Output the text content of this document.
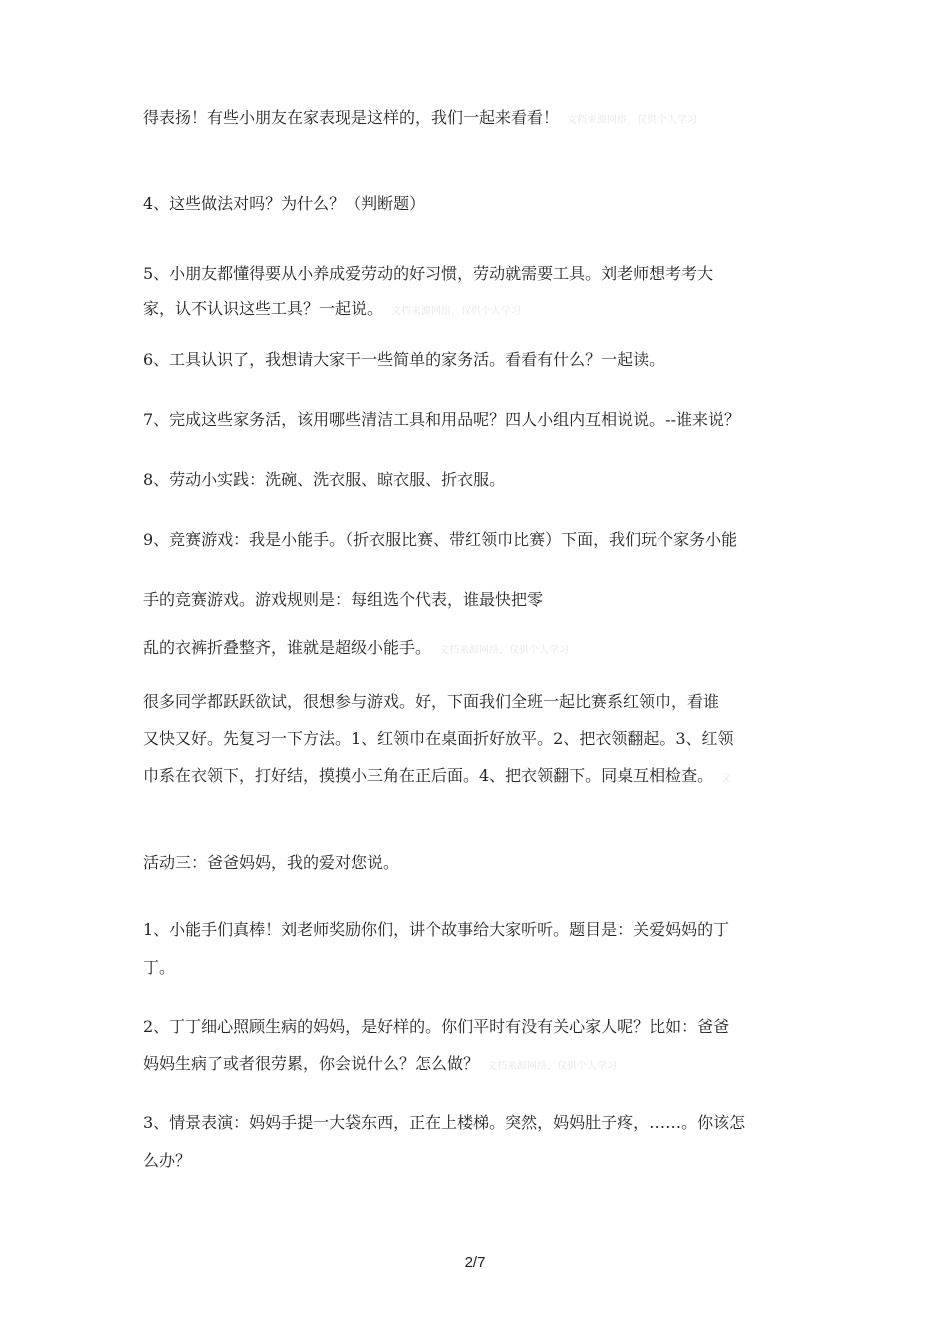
得表扬！有些小朋友在家表现是这样的，我们一起来看看！ 文档来源网络，仅供个人学习
4、这些做法对吗？为什么？（判断题）
5、小朋友都懂得要从小养成爱劳动的好习惯，劳动就需要工具。刘老师想考考大
家，认不认识这些工具？一起说。 文档来源网络，仅供个人学习
6、工具认识了，我想请大家干一些简单的家务活。看看有什么？一起读。
7、完成这些家务活，该用哪些清洁工具和用品呢？四人小组内互相说说。--谁来说？
8、劳动小实践：洗碗、洗衣服、晾衣服、折衣服。
9、竞赛游戏：我是小能手。（折衣服比赛、带红领巾比赛）下面，我们玩个家务小能
手的竞赛游戏。游戏规则是：每组选个代表，谁最快把零
乱的衣裤折叠整齐，谁就是超级小能手。 文档来源网络，仅供个人学习
很多同学都跃跃欲试，很想参与游戏。好，下面我们全班一起比赛系红领巾，看谁
又快又好。先复习一下方法。1、红领巾在桌面折好放平。2、把衣领翻起。3、红领
巾系在衣领下，打好结，摸摸小三角在正后面。4、把衣领翻下。同桌互相检查。 文
活动三：爸爸妈妈，我的爱对您说。
1、小能手们真棒！刘老师奖励你们，讲个故事给大家听听。题目是：关爱妈妈的丁
丁。
2、丁丁细心照顾生病的妈妈，是好样的。你们平时有没有关心家人呢？比如：爸爸
妈妈生病了或者很劳累，你会说什么？怎么做？ 文档来源网络，仅供个人学习
3、情景表演：妈妈手提一大袋东西，正在上楼梯。突然，妈妈肚子疼，……。你该怎
么办？
2/7
